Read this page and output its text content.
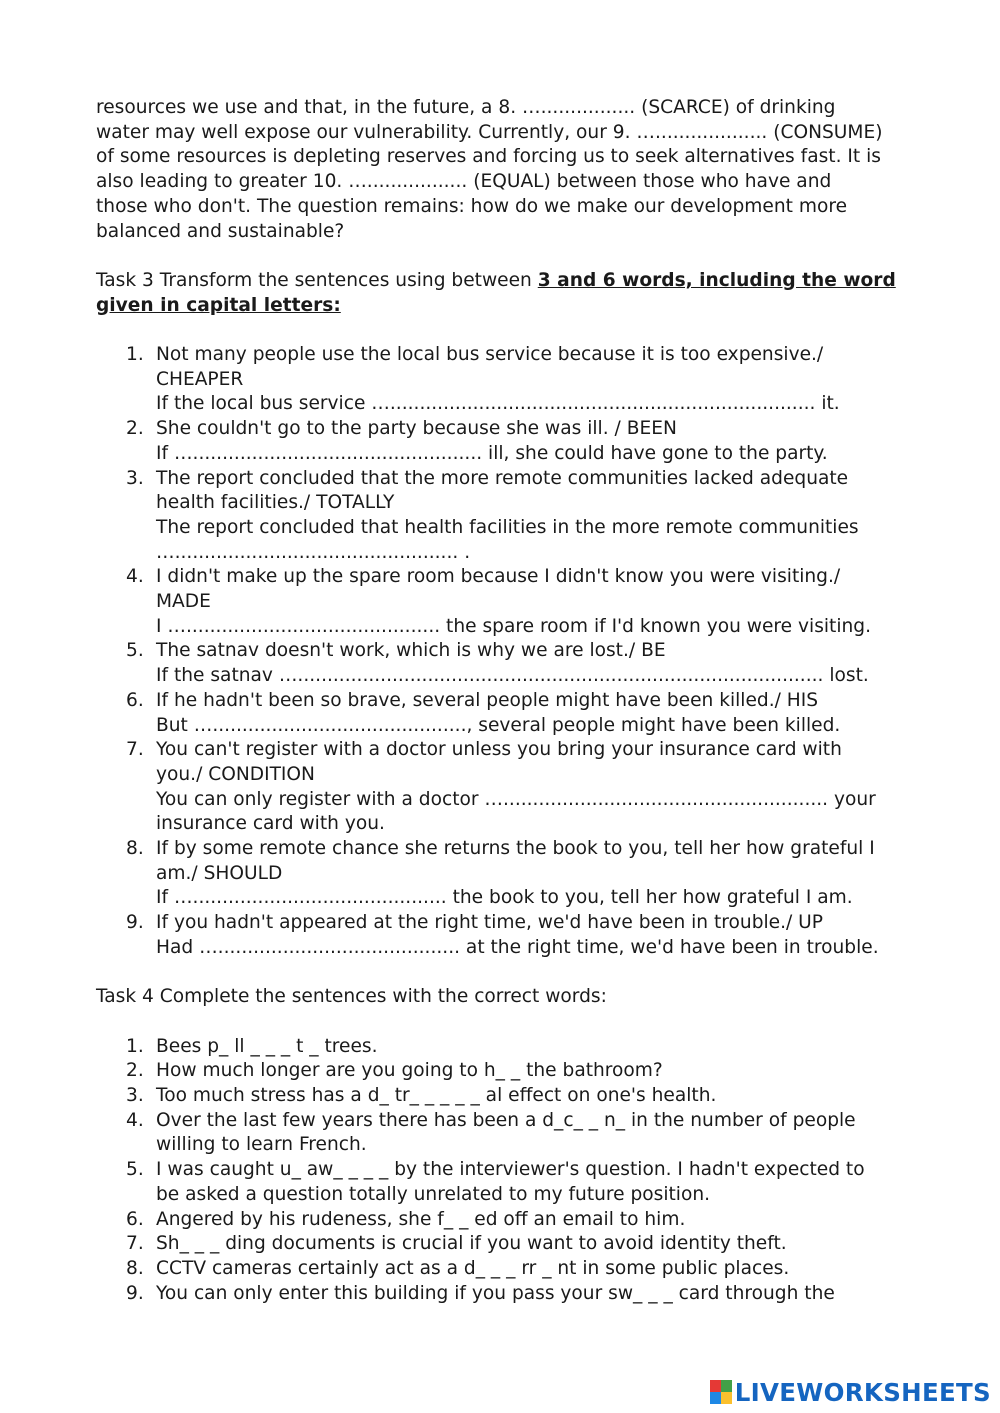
resources we use and that, in the future, a 8. …................ (SCARCE) of drinking
water may well expose our vulnerability. Currently, our 9. …................... (CONSUME)
of some resources is depleting reserves and forcing us to seek alternatives fast. It is
also leading to greater 10. …................. (EQUAL) between those who have and
those who don't. The question remains: how do we make our development more
balanced and sustainable?

Task 3 Transform the sentences using between 3 and 6 words, including the word
given in capital letters:

1. Not many people use the local bus service because it is too expensive./
CHEAPER
If the local bus service …........................................................................ it.
2. She couldn't go to the party because she was ill. / BEEN
If …................................................. ill, she could have gone to the party.
3. The report concluded that the more remote communities lacked adequate
health facilities./ TOTALLY
The report concluded that health facilities in the more remote communities
…................................................ .
4. I didn't make up the spare room because I didn't know you were visiting./
MADE
I …........................................... the spare room if I'd known you were visiting.
5. The satnav doesn't work, which is why we are lost./ BE
If the satnav …......................................................................................... lost.
6. If he hadn't been so brave, several people might have been killed./ HIS
But …..........................................., several people might have been killed.
7. You can't register with a doctor unless you bring your insurance card with
you./ CONDITION
You can only register with a doctor …....................................................... your
insurance card with you.
8. If by some remote chance she returns the book to you, tell her how grateful I
am./ SHOULD
If …........................................... the book to you, tell her how grateful I am.
9. If you hadn't appeared at the right time, we'd have been in trouble./ UP
Had …......................................... at the right time, we'd have been in trouble.

Task 4 Complete the sentences with the correct words:

1. Bees p_ ll _ _ _ t _ trees.
2. How much longer are you going to h_ _ the bathroom?
3. Too much stress has a d_ tr_ _ _ _ _ al effect on one's health.
4. Over the last few years there has been a d_c_ _ n_ in the number of people
willing to learn French.
5. I was caught u_ aw_ _ _ _ by the interviewer's question. I hadn't expected to
be asked a question totally unrelated to my future position.
6. Angered by his rudeness, she f_ _ ed off an email to him.
7. Sh_ _ _ ding documents is crucial if you want to avoid identity theft.
8. CCTV cameras certainly act as a d_ _ _ rr _ nt in some public places.
9. You can only enter this building if you pass your sw_ _ _ card through the
LIVEWORKSHEETS
